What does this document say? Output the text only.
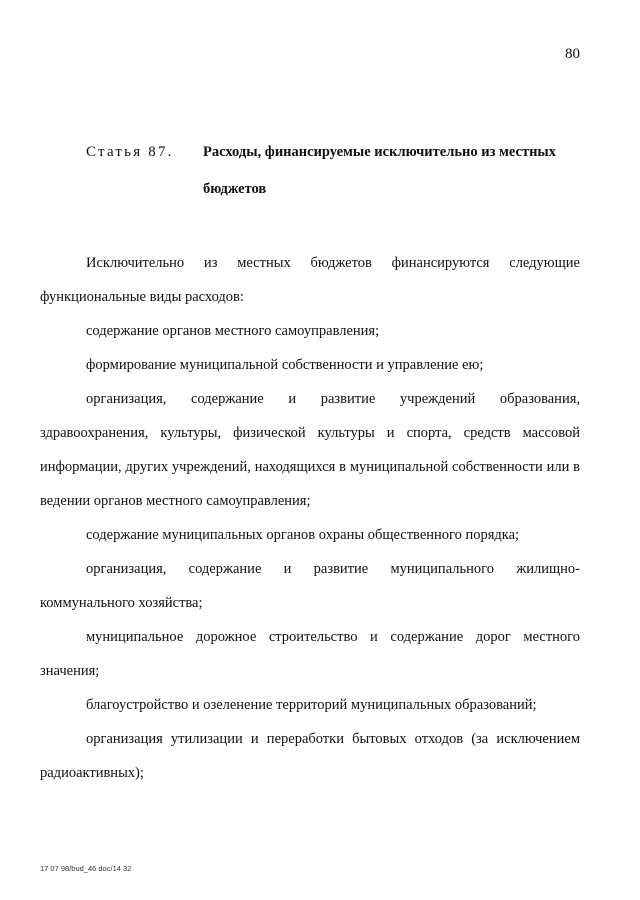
80
Статья 87. Расходы, финансируемые исключительно из местных бюджетов

Исключительно из местных бюджетов финансируются следующие функциональные виды расходов:

содержание органов местного самоуправления;

формирование муниципальной собственности и управление ею;

организация, содержание и развитие учреждений образования, здравоохранения, культуры, физической культуры и спорта, средств массовой информации, других учреждений, находящихся в муниципальной собственности или в ведении органов местного самоуправления;

содержание муниципальных органов охраны общественного порядка;

организация, содержание и развитие муниципального жилищно-коммунального хозяйства;

муниципальное дорожное строительство и содержание дорог местного значения;

благоустройство и озеленение территорий муниципальных образований;

организация утилизации и переработки бытовых отходов (за исключением радиоактивных);

17 07 98/bud_46 doc/14 32
